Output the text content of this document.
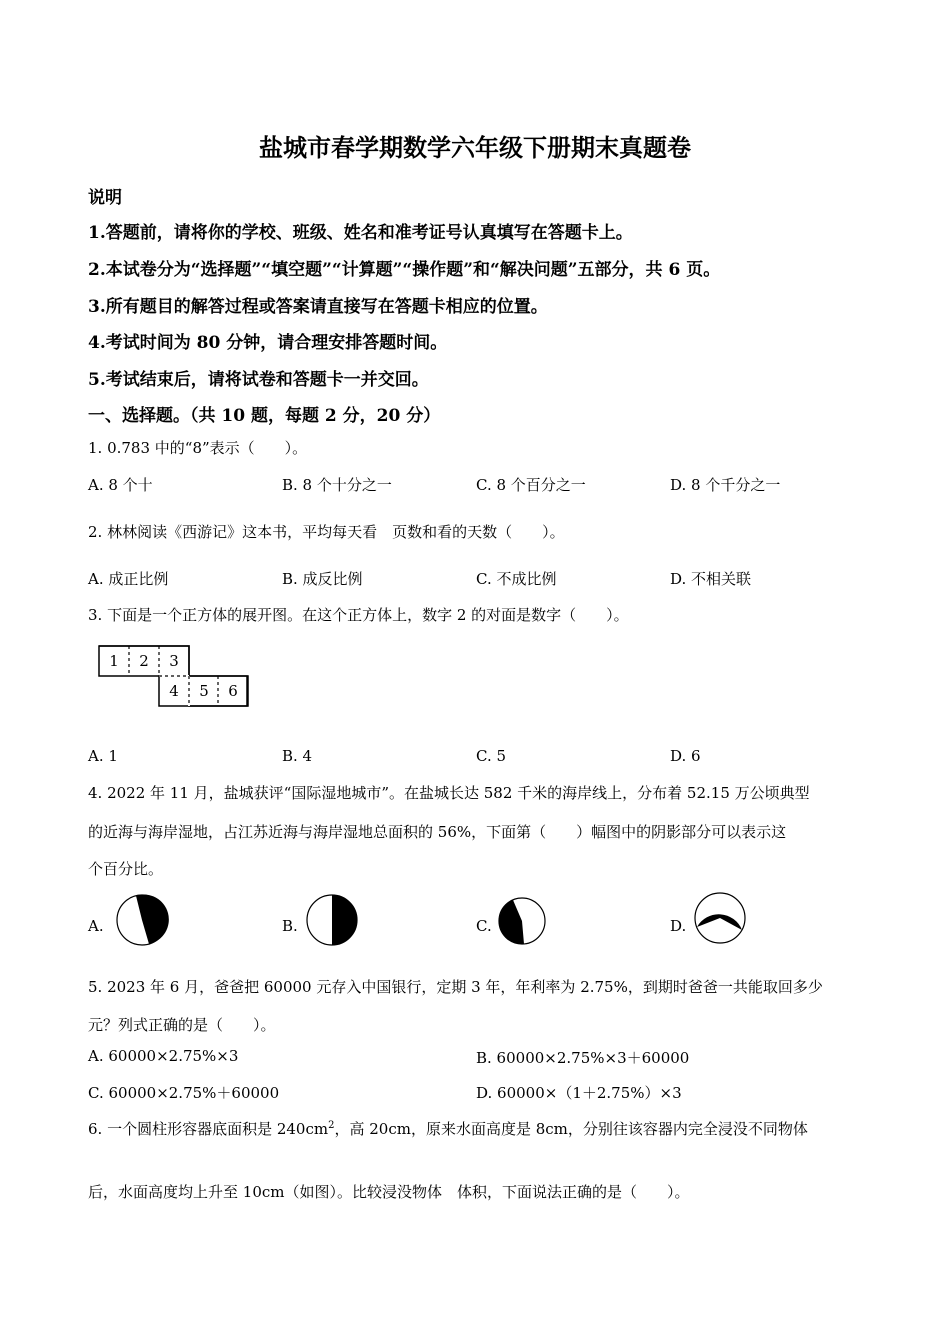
盐城市春学期数学六年级下册期末真题卷
说明
1.答题前，请将你的学校、班级、姓名和准考证号认真填写在答题卡上。
2.本试卷分为“选择题”“填空题”“计算题”“操作题”和“解决问题”五部分，共 6 页。
3.所有题目的解答过程或答案请直接写在答题卡相应的位置。
4.考试时间为 80 分钟，请合理安排答题时间。
5.考试结束后，请将试卷和答题卡一并交回。
一、选择题。（共 10 题，每题 2 分，20 分）
1. 0.783 中的“8”表示（　　）。
A. 8 个十	B. 8 个十分之一	C. 8 个百分之一	D. 8 个千分之一
2. 林林阅读《西游记》这本书，平均每天看　页数和看的天数（　　）。
A. 成正比例	B. 成反比例	C. 不成比例	D. 不相关联
3. 下面是一个正方体的展开图。在这个正方体上，数字 2 的对面是数字（　　）。
1	2	3
4	5	6
A. 1	B. 4	C. 5	D. 6
4. 2022 年 11 月，盐城获评“国际湿地城市”。在盐城长达 582 千米的海岸线上，分布着 52.15 万公顷典型
的近海与海岸湿地，占江苏近海与海岸湿地总面积的 56%，下面第（　　）幅图中的阴影部分可以表示这
个百分比。
A.	B.	C.	D.
5. 2023 年 6 月，爸爸把 60000 元存入中国银行，定期 3 年，年利率为 2.75%，到期时爸爸一共能取回多少
元？列式正确的是（　　）。
A. 60000×2.75%×3	B. 60000×2.75%×3＋60000
C. 60000×2.75%＋60000	D. 60000×（1＋2.75%）×3
6. 一个圆柱形容器底面积是 $240cm^2$，高 20cm，原来水面高度是 8cm，分别往该容器内完全浸没不同物体
后，水面高度均上升至 10cm（如图）。比较浸没物体　体积，下面说法正确的是（　　）。
